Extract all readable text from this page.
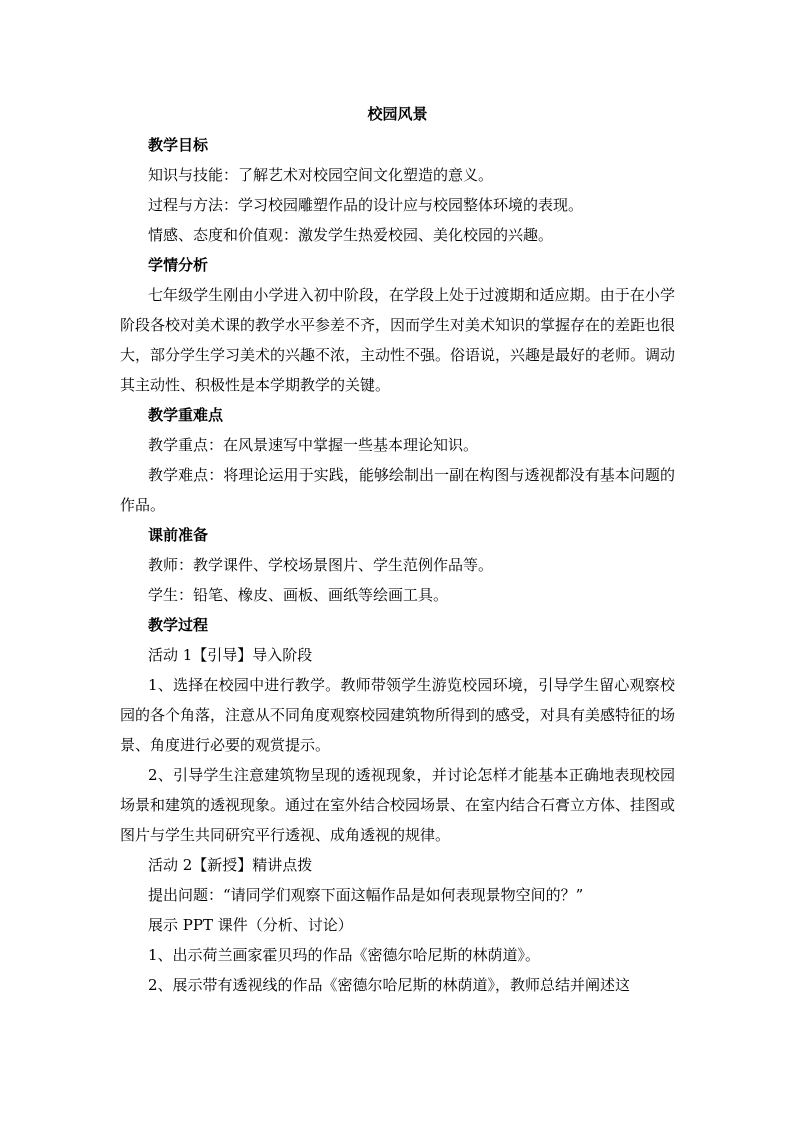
校园风景
教学目标
知识与技能：了解艺术对校园空间文化塑造的意义。
过程与方法：学习校园雕塑作品的设计应与校园整体环境的表现。
情感、态度和价值观：激发学生热爱校园、美化校园的兴趣。
学情分析

七年级学生刚由小学进入初中阶段，在学段上处于过渡期和适应期。由于在小学阶段各校对美术课的教学水平参差不齐，因而学生对美术知识的掌握存在的差距也很大，部分学生学习美术的兴趣不浓，主动性不强。俗语说，兴趣是最好的老师。调动其主动性、积极性是本学期教学的关键。

教学重难点
教学重点：在风景速写中掌握一些基本理论知识。

教学难点：将理论运用于实践，能够绘制出一副在构图与透视都没有基本问题的作品。

课前准备
教师：教学课件、学校场景图片、学生范例作品等。
学生：铅笔、橡皮、画板、画纸等绘画工具。
教学过程
活动 1【引导】导入阶段

1、选择在校园中进行教学。教师带领学生游览校园环境，引导学生留心观察校园的各个角落，注意从不同角度观察校园建筑物所得到的感受，对具有美感特征的场景、角度进行必要的观赏提示。

2、引导学生注意建筑物呈现的透视现象，并讨论怎样才能基本正确地表现校园场景和建筑的透视现象。通过在室外结合校园场景、在室内结合石膏立方体、挂图或图片与学生共同研究平行透视、成角透视的规律。

活动 2【新授】精讲点拨
提出问题：“请同学们观察下面这幅作品是如何表现景物空间的？”
展示 PPT 课件（分析、讨论）
1、出示荷兰画家霍贝玛的作品《密德尔哈尼斯的林荫道》。
2、展示带有透视线的作品《密德尔哈尼斯的林荫道》，教师总结并阐述这
